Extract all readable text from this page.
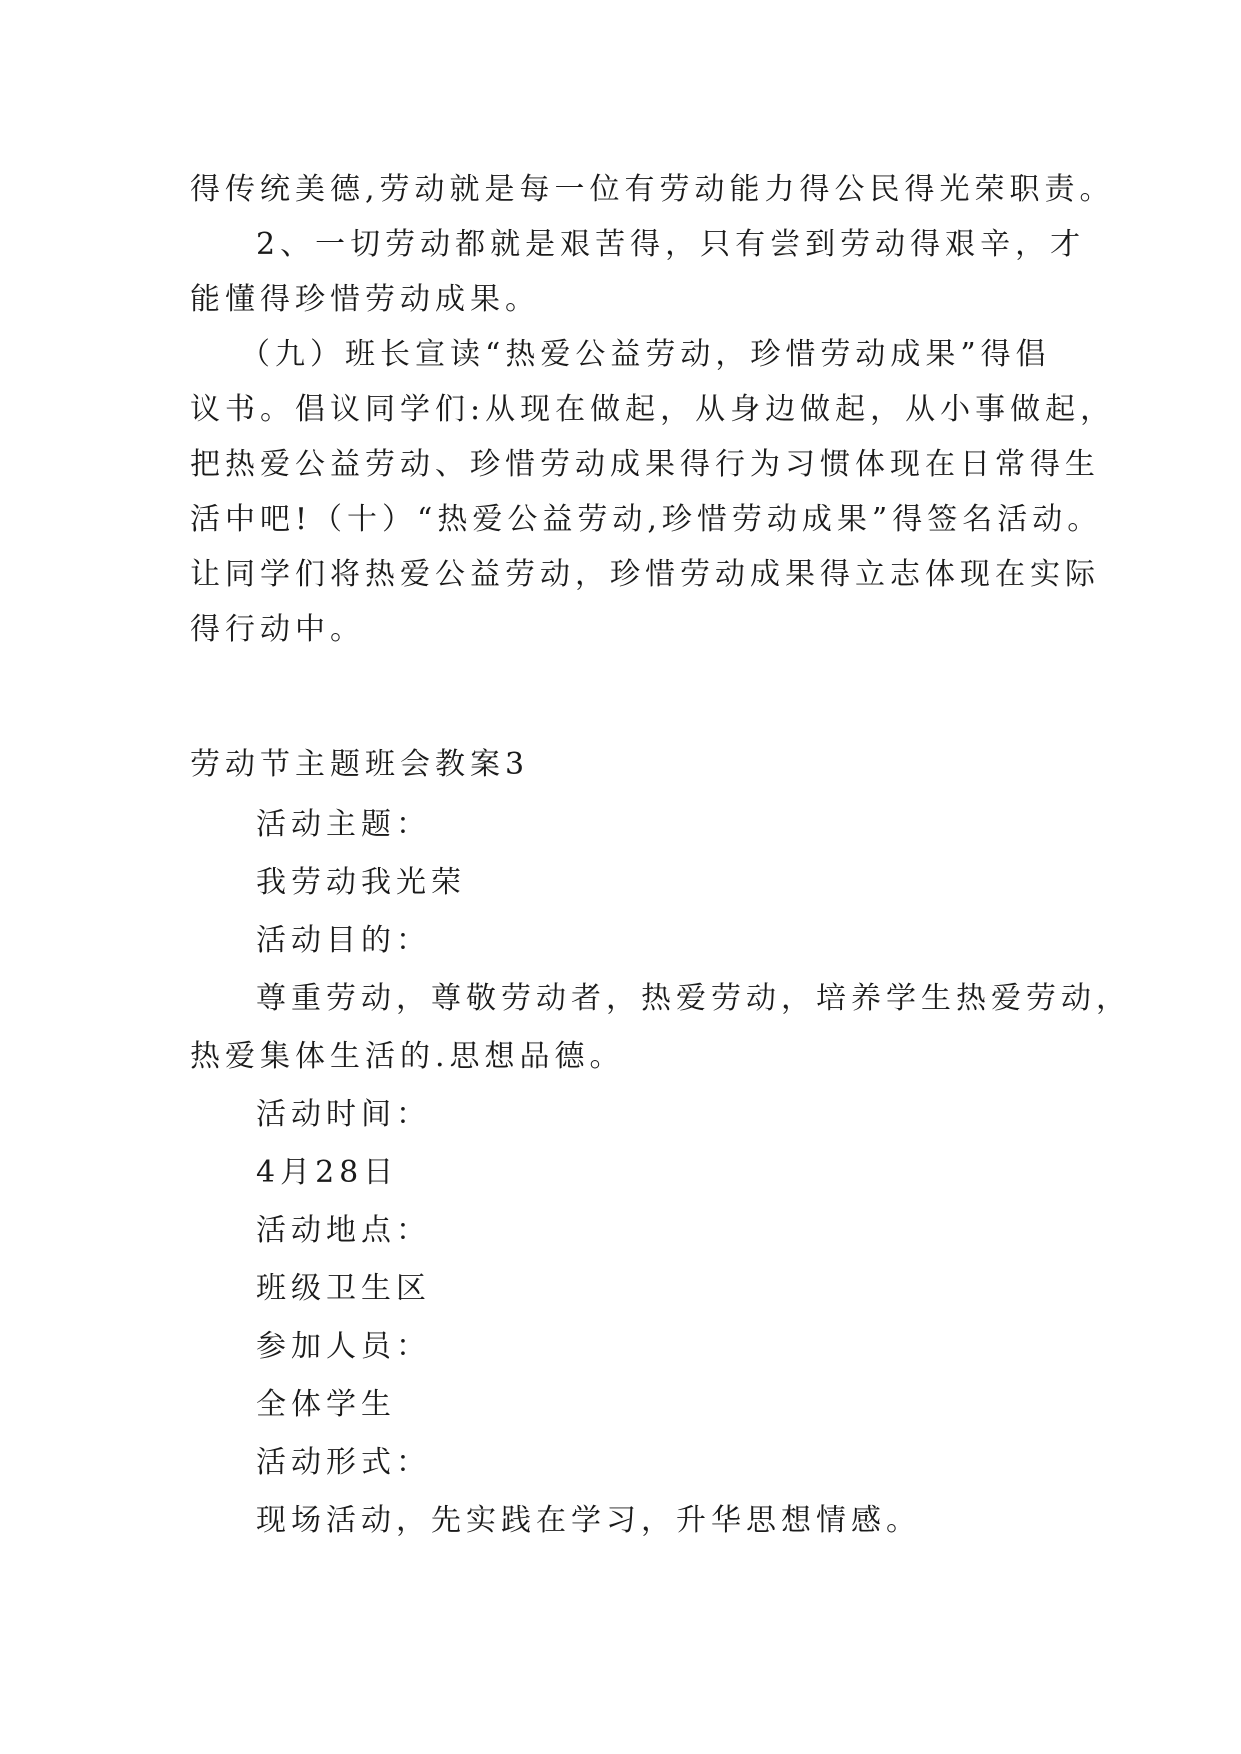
得传统美德,劳动就是每一位有劳动能力得公民得光荣职责。
2、一切劳动都就是艰苦得，只有尝到劳动得艰辛，才
能懂得珍惜劳动成果。
（九）班长宣读“热爱公益劳动，珍惜劳动成果”得倡
议书。倡议同学们:从现在做起，从身边做起，从小事做起，
把热爱公益劳动、珍惜劳动成果得行为习惯体现在日常得生
活中吧!（十）“热爱公益劳动,珍惜劳动成果”得签名活动。
让同学们将热爱公益劳动，珍惜劳动成果得立志体现在实际
得行动中。
劳动节主题班会教案3
活动主题：
我劳动我光荣
活动目的：
尊重劳动，尊敬劳动者，热爱劳动，培养学生热爱劳动，
热爱集体生活的.思想品德。
活动时间：
4月28日
活动地点：
班级卫生区
参加人员：
全体学生
活动形式：
现场活动，先实践在学习，升华思想情感。
